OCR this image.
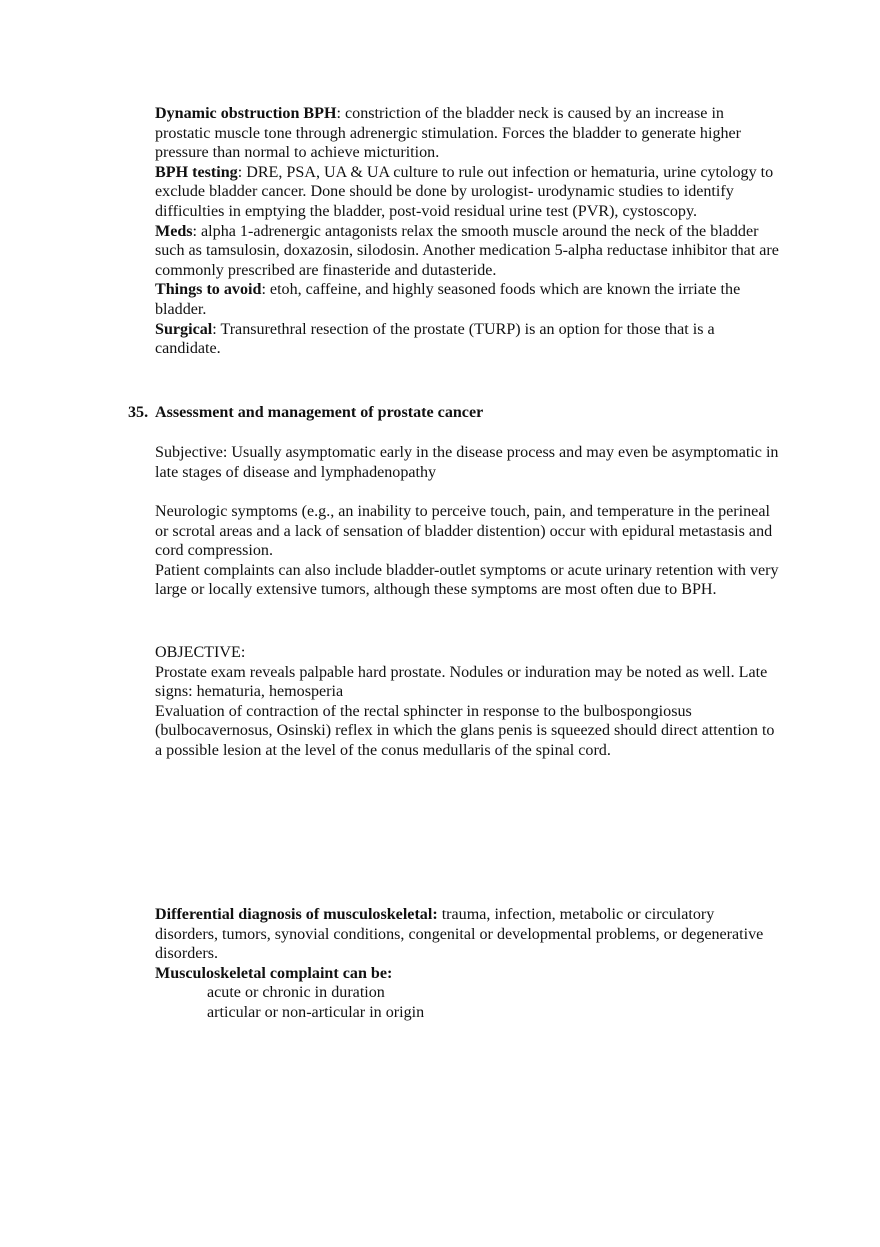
Dynamic obstruction BPH: constriction of the bladder neck is caused by an increase in prostatic muscle tone through adrenergic stimulation. Forces the bladder to generate higher pressure than normal to achieve micturition.

BPH testing: DRE, PSA, UA & UA culture to rule out infection or hematuria, urine cytology to exclude bladder cancer. Done should be done by urologist- urodynamic studies to identify difficulties in emptying the bladder, post-void residual urine test (PVR), cystoscopy.

Meds: alpha 1-adrenergic antagonists relax the smooth muscle around the neck of the bladder such as tamsulosin, doxazosin, silodosin. Another medication 5-alpha reductase inhibitor that are commonly prescribed are finasteride and dutasteride.

Things to avoid: etoh, caffeine, and highly seasoned foods which are known the irriate the bladder.

Surgical: Transurethral resection of the prostate (TURP) is an option for those that is a candidate.

35. Assessment and management of prostate cancer

Subjective: Usually asymptomatic early in the disease process and may even be asymptomatic in late stages of disease and lymphadenopathy

Neurologic symptoms (e.g., an inability to perceive touch, pain, and temperature in the perineal or scrotal areas and a lack of sensation of bladder distention) occur with epidural metastasis and cord compression.

Patient complaints can also include bladder-outlet symptoms or acute urinary retention with very large or locally extensive tumors, although these symptoms are most often due to BPH.

OBJECTIVE:

Prostate exam reveals palpable hard prostate. Nodules or induration may be noted as well. Late signs: hematuria, hemosperia

Evaluation of contraction of the rectal sphincter in response to the bulbospongiosus (bulbocavernosus, Osinski) reflex in which the glans penis is squeezed should direct attention to a possible lesion at the level of the conus medullaris of the spinal cord.

Differential diagnosis of musculoskeletal: trauma, infection, metabolic or circulatory disorders, tumors, synovial conditions, congenital or developmental problems, or degenerative disorders.

Musculoskeletal complaint can be:

acute or chronic in duration

articular or non-articular in origin
